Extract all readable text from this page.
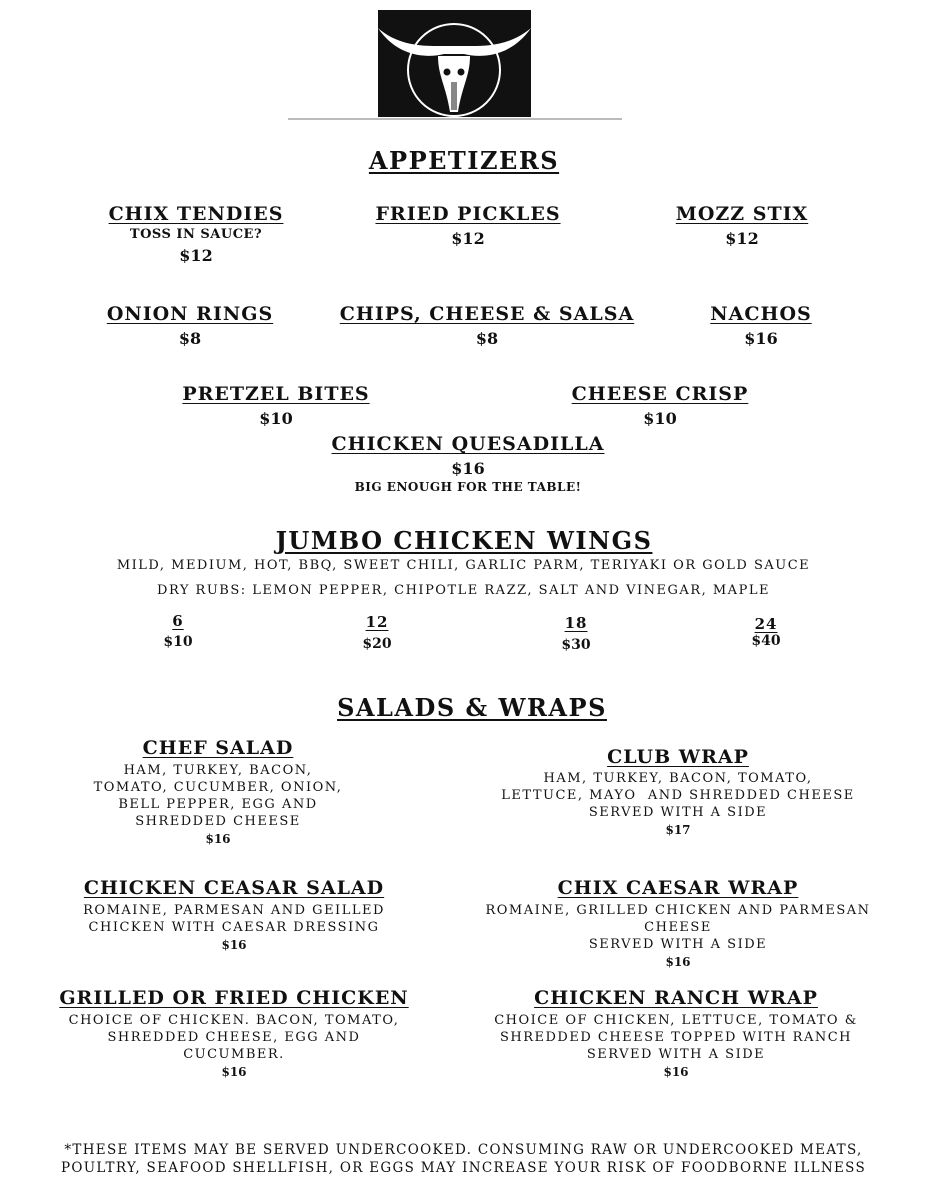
APPETIZERS
CHIX TENDIES
TOSS IN SAUCE?
$12
FRIED PICKLES
$12
MOZZ STIX
$12
ONION RINGS
$8
CHIPS, CHEESE & SALSA
$8
NACHOS
$16
PRETZEL BITES
$10
CHEESE CRISP
$10
CHICKEN QUESADILLA
$16
BIG ENOUGH FOR THE TABLE!
JUMBO CHICKEN WINGS
MILD, MEDIUM, HOT, BBQ, SWEET CHILI, GARLIC PARM, TERIYAKI OR GOLD SAUCE
DRY RUBS: LEMON PEPPER, CHIPOTLE RAZZ, SALT AND VINEGAR, MAPLE
6
$10
12
$20
18
$30
24
$40
SALADS & WRAPS
CHEF SALAD
HAM, TURKEY, BACON,
TOMATO, CUCUMBER, ONION,
BELL PEPPER, EGG AND
SHREDDED CHEESE
$16
CLUB WRAP
HAM, TURKEY, BACON, TOMATO,
LETTUCE, MAYO  AND SHREDDED CHEESE
SERVED WITH A SIDE
$17
CHICKEN CEASAR SALAD
ROMAINE, PARMESAN AND GEILLED
CHICKEN WITH CAESAR DRESSING
$16
CHIX CAESAR WRAP
ROMAINE, GRILLED CHICKEN AND PARMESAN
CHEESE
SERVED WITH A SIDE
$16
GRILLED OR FRIED CHICKEN
CHOICE OF CHICKEN. BACON, TOMATO,
SHREDDED CHEESE, EGG AND
CUCUMBER.
$16
CHICKEN RANCH WRAP
CHOICE OF CHICKEN, LETTUCE, TOMATO &
SHREDDED CHEESE TOPPED WITH RANCH
SERVED WITH A SIDE
$16
*THESE ITEMS MAY BE SERVED UNDERCOOKED. CONSUMING RAW OR UNDERCOOKED MEATS,
POULTRY, SEAFOOD SHELLFISH, OR EGGS MAY INCREASE YOUR RISK OF FOODBORNE ILLNESS
